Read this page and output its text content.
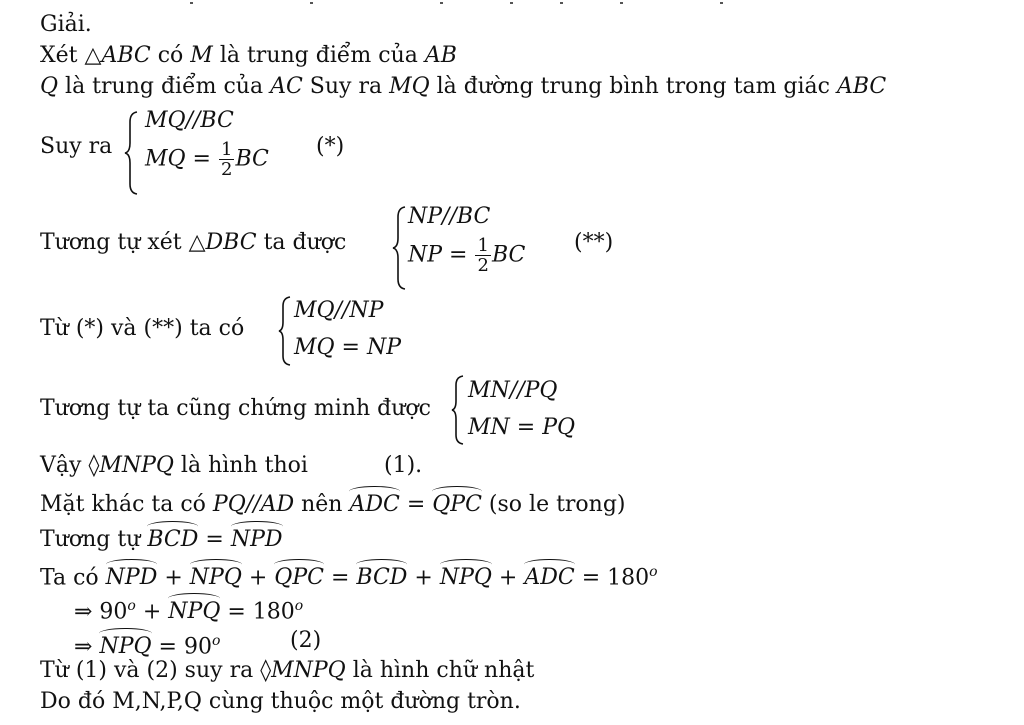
Giải.
Xét △ABC có M là trung điểm của AB
Q là trung điểm của AC Suy ra MQ là đường trung bình trong tam giác ABC
Suy ra
MQ//BC
MQ = $\frac{1}{2}$ BC (*)
Tương tự xét △DBC ta được
NP//BC
NP = $\frac{1}{2}$ BC (**)
Từ (*) và (**) ta có
MQ//NP
MQ = NP
Tương tự ta cũng chứng minh được
MN//PQ
MN = PQ
Vậy ◊MNPQ là hình thoi	(1).
Mặt khác ta có PQ//AD nên ADC = QPC (so le trong)
Tương tự BCD = NPD
Ta có NPD + NPQ + QPC = BCD + NPQ + ADC = $180^o$
⇒ $90^o$ + NPQ = $180^o$
⇒ NPQ = $90^o$	(2)
Từ (1) và (2) suy ra ◊MNPQ là hình chữ nhật
Do đó M,N,P,Q cùng thuộc một đường tròn.
